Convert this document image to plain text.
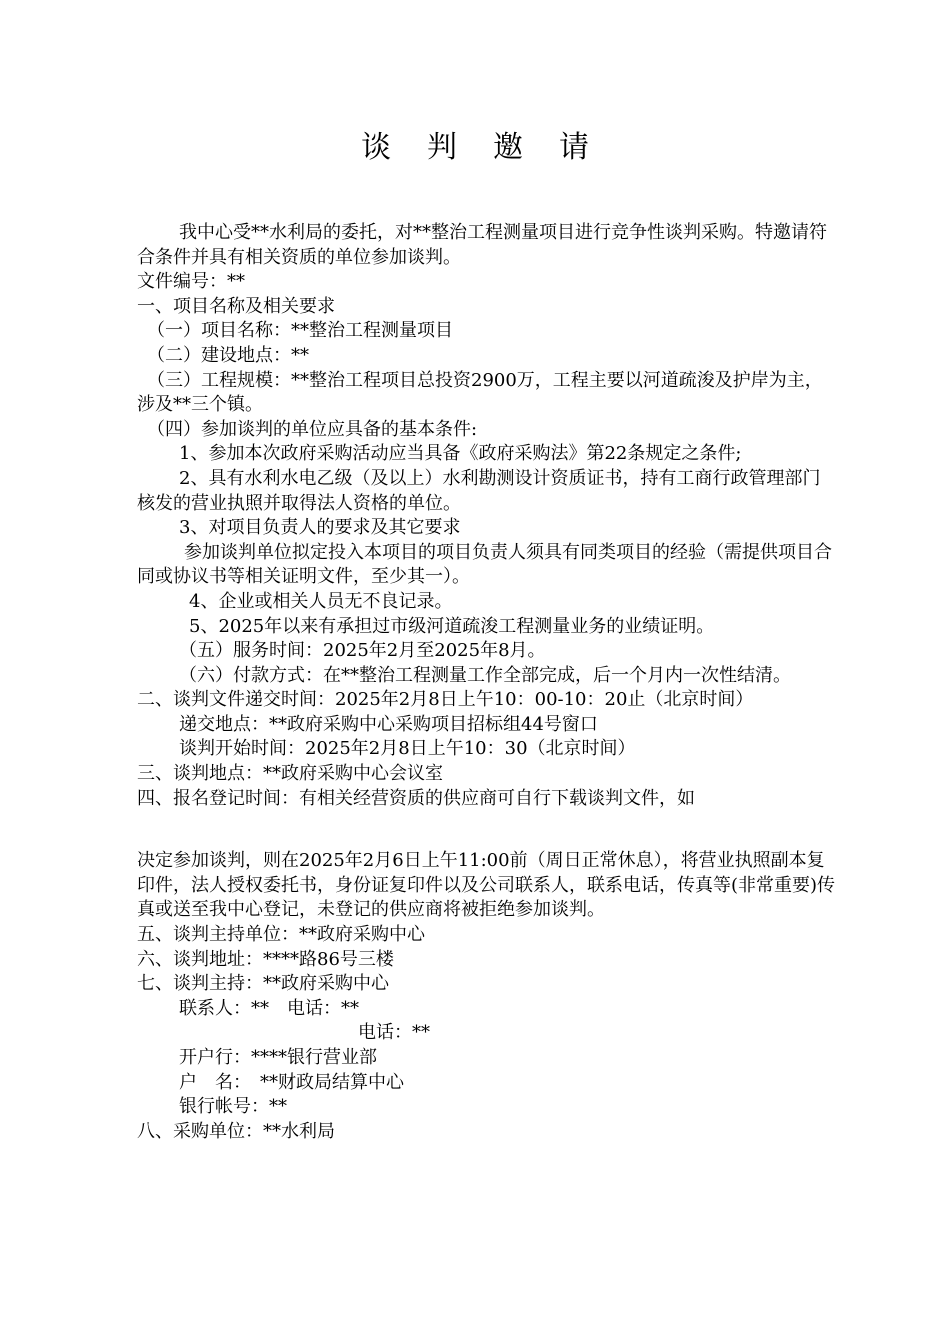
谈判邀请

我中心受**水利局的委托，对**整治工程测量项目进行竞争性谈判采购。特邀请符合条件并具有相关资质的单位参加谈判。

文件编号：**

一、项目名称及相关要求

（一）项目名称：**整治工程测量项目

（二）建设地点：**

（三）工程规模：**整治工程项目总投资2900万，工程主要以河道疏浚及护岸为主，涉及**三个镇。

（四）参加谈判的单位应具备的基本条件:

1、参加本次政府采购活动应当具备《政府采购法》第22条规定之条件;

2、具有水利水电乙级（及以上）水利勘测设计资质证书，持有工商行政管理部门核发的营业执照并取得法人资格的单位。

3、对项目负责人的要求及其它要求

参加谈判单位拟定投入本项目的项目负责人须具有同类项目的经验（需提供项目合同或协议书等相关证明文件，至少其一）。

4、企业或相关人员无不良记录。

5、2025年以来有承担过市级河道疏浚工程测量业务的业绩证明。

（五）服务时间：2025年2月至2025年8月。

（六）付款方式：在**整治工程测量工作全部完成，后一个月内一次性结清。

二、谈判文件递交时间：2025年2月8日上午10：00-10：20止（北京时间）

递交地点：**政府采购中心采购项目招标组44号窗口

谈判开始时间：2025年2月8日上午10：30（北京时间）

三、谈判地点：**政府采购中心会议室

四、报名登记时间：有相关经营资质的供应商可自行下载谈判文件，如

决定参加谈判，则在2025年2月6日上午11:00前（周日正常休息），将营业执照副本复印件，法人授权委托书，身份证复印件以及公司联系人，联系电话，传真等(非常重要)传真或送至我中心登记，未登记的供应商将被拒绝参加谈判。

五、谈判主持单位：**政府采购中心

六、谈判地址：****路86号三楼

七、谈判主持：**政府采购中心

联系人：**　电话：**

电话：**

开户行：****银行营业部

户　名：　**财政局结算中心

银行帐号：**

八、采购单位：**水利局
